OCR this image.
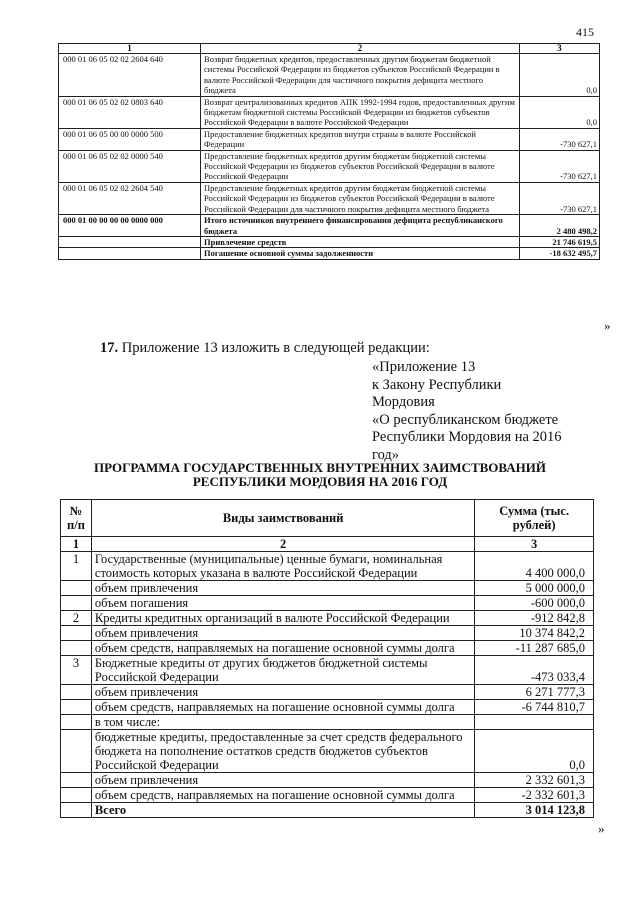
415
1	2	3
000 01 06 05 02 02 2604 640	Возврат бюджетных кредитов, предоставленных другим бюджетам бюджетной системы Российской Федерации из бюджетов субъектов Российской Федерации в валюте Российской Федерации для частичного покрытия дефицита местного бюджета	0,0
000 01 06 05 02 02 0803 640	Возврат централизованных кредитов АПК 1992-1994 годов, предоставленных другим бюджетам бюджетной системы Российской Федерации из бюджетов субъектов Российской Федерации в валюте Российской Федерации	0,0
000 01 06 05 00 00 0000 500	Предоставление бюджетных кредитов внутри страны в валюте Российской Федерации	-730 627,1
000 01 06 05 02 02 0000 540	Предоставление бюджетных кредитов другим бюджетам бюджетной системы Российской Федерации из бюджетов субъектов Российской Федерации в валюте Российской Федерации	-730 627,1
000 01 06 05 02 02 2604 540	Предоставление бюджетных кредитов другим бюджетам бюджетной системы Российской Федерации из бюджетов субъектов Российской Федерации в валюте Российской Федерации для частичного покрытия дефицита местного бюджета	-730 627,1
000 01 00 00 00 00 0000 000	Итого источников внутреннего финансирования дефицита республиканского бюджета	2 480 498,2
	Привлечение средств	21 746 619,5
	Погашение основной суммы задолженности	-18 632 495,7
»
17. Приложение 13 изложить в следующей редакции:
«Приложение 13
к Закону Республики
Мордовия
«О республиканском бюджете
Республики Мордовия на 2016
год»
ПРОГРАММА ГОСУДАРСТВЕННЫХ ВНУТРЕННИХ ЗАИМСТВОВАНИЙ
РЕСПУБЛИКИ МОРДОВИЯ НА 2016 ГОД
№ п/п	Виды заимствований	Сумма (тыс. рублей)
1	2	3
1	Государственные (муниципальные) ценные бумаги, номинальная стоимость которых указана в валюте Российской Федерации	4 400 000,0
	объем привлечения	5 000 000,0
	объем погашения	-600 000,0
2	Кредиты кредитных организаций в валюте Российской Федерации	-912 842,8
	объем привлечения	10 374 842,2
	объем средств, направляемых на погашение основной суммы долга	-11 287 685,0
3	Бюджетные кредиты от других бюджетов бюджетной системы Российской Федерации	-473 033,4
	объем привлечения	6 271 777,3
	объем средств, направляемых на погашение основной суммы долга	-6 744 810,7
	в том числе:	
	бюджетные кредиты, предоставленные за счет средств федерального бюджета на пополнение остатков средств бюджетов субъектов Российской Федерации	0,0
	объем привлечения	2 332 601,3
	объем средств, направляемых на погашение основной суммы долга	-2 332 601,3
	Всего	3 014 123,8
»
